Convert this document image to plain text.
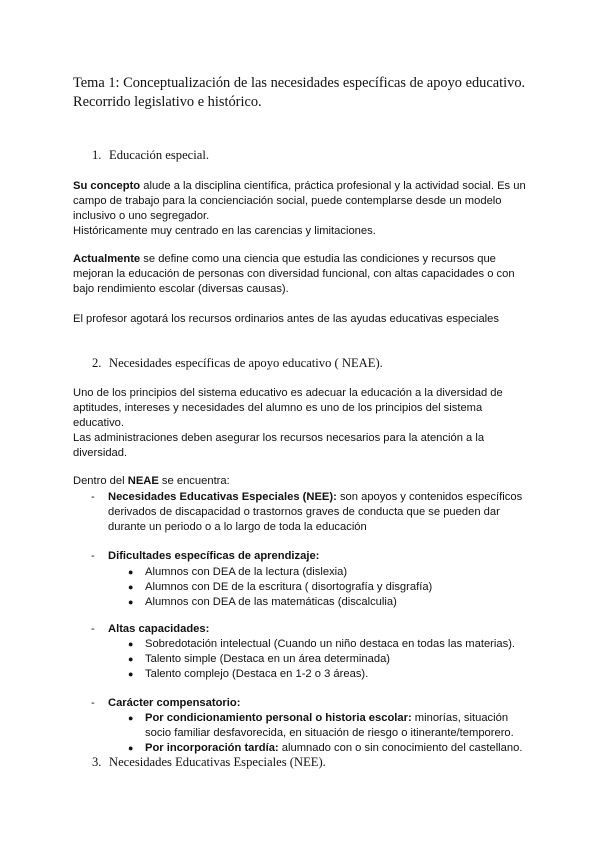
Tema 1: Conceptualización de las necesidades específicas de apoyo educativo.
Recorrido legislativo e histórico.
1. Educación especial.
Su concepto alude a la disciplina científica, práctica profesional y la actividad social. Es un
campo de trabajo para la concienciación social, puede contemplarse desde un modelo
inclusivo o uno segregador.
Históricamente muy centrado en las carencias y limitaciones.
Actualmente se define como una ciencia que estudia las condiciones y recursos que
mejoran la educación de personas con diversidad funcional, con altas capacidades o con
bajo rendimiento escolar (diversas causas).
El profesor agotará los recursos ordinarios antes de las ayudas educativas especiales
2. Necesidades específicas de apoyo educativo ( NEAE).
Uno de los principios del sistema educativo es adecuar la educación a la diversidad de
aptitudes, intereses y necesidades del alumno es uno de los principios del sistema
educativo.
Las administraciones deben asegurar los recursos necesarios para la atención a la
diversidad.
Dentro del NEAE se encuentra:
- Necesidades Educativas Especiales (NEE): son apoyos y contenidos específicos
derivados de discapacidad o trastornos graves de conducta que se pueden dar
durante un periodo o a lo largo de toda la educación
- Dificultades específicas de aprendizaje:
● Alumnos con DEA de la lectura (dislexia)
● Alumnos con DE de la escritura ( disortografía y disgrafía)
● Alumnos con DEA de las matemáticas (discalculia)
- Altas capacidades:
● Sobredotación intelectual (Cuando un niño destaca en todas las materias).
● Talento simple (Destaca en un área determinada)
● Talento complejo (Destaca en 1-2 o 3 áreas).
- Carácter compensatorio:
● Por condicionamiento personal o historia escolar: minorías, situación
socio familiar desfavorecida, en situación de riesgo o itinerante/temporero.
● Por incorporación tardía: alumnado con o sin conocimiento del castellano.
3. Necesidades Educativas Especiales (NEE).
